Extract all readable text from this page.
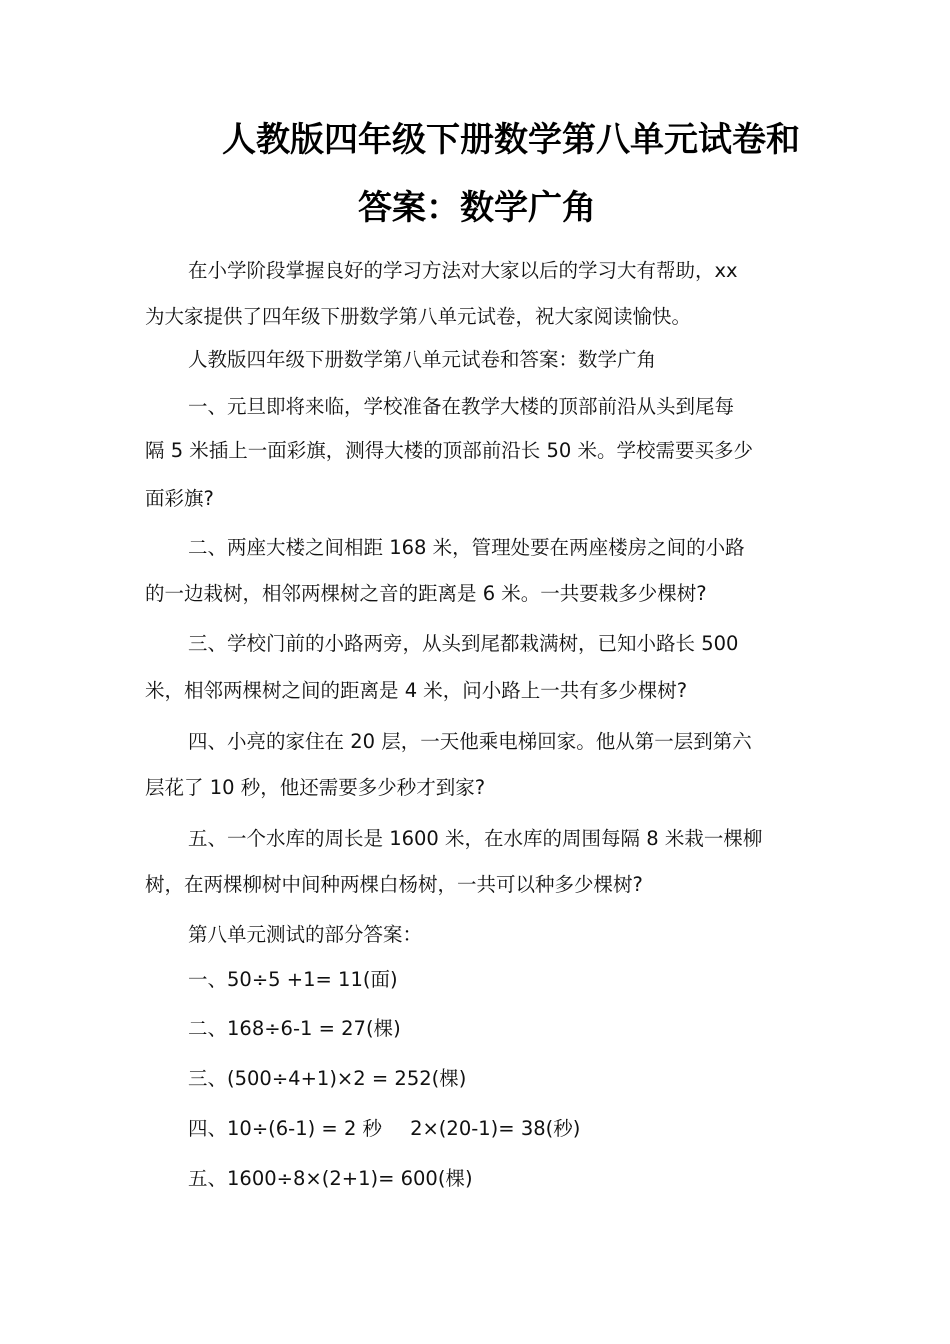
人教版四年级下册数学第八单元试卷和
答案：数学广角
在小学阶段掌握良好的学习方法对大家以后的学习大有帮助，xx
为大家提供了四年级下册数学第八单元试卷，祝大家阅读愉快。
人教版四年级下册数学第八单元试卷和答案：数学广角
一、元旦即将来临，学校准备在教学大楼的顶部前沿从头到尾每
隔 5 米插上一面彩旗，测得大楼的顶部前沿长 50 米。学校需要买多少
面彩旗?
二、两座大楼之间相距 168 米，管理处要在两座楼房之间的小路
的一边栽树，相邻两棵树之音的距离是 6 米。一共要栽多少棵树?
三、学校门前的小路两旁，从头到尾都栽满树，已知小路长 500
米，相邻两棵树之间的距离是 4 米，问小路上一共有多少棵树?
四、小亮的家住在 20 层，一天他乘电梯回家。他从第一层到第六
层花了 10 秒，他还需要多少秒才到家?
五、一个水库的周长是 1600 米，在水库的周围每隔 8 米栽一棵柳
树，在两棵柳树中间种两棵白杨树，一共可以种多少棵树?
第八单元测试的部分答案：
一、50÷5 +1= 11(面)
二、168÷6-1 = 27(棵)
三、(500÷4+1)×2 = 252(棵)
四、10÷(6-1) = 2 秒 2×(20-1)= 38(秒)
五、1600÷8×(2+1)= 600(棵)
